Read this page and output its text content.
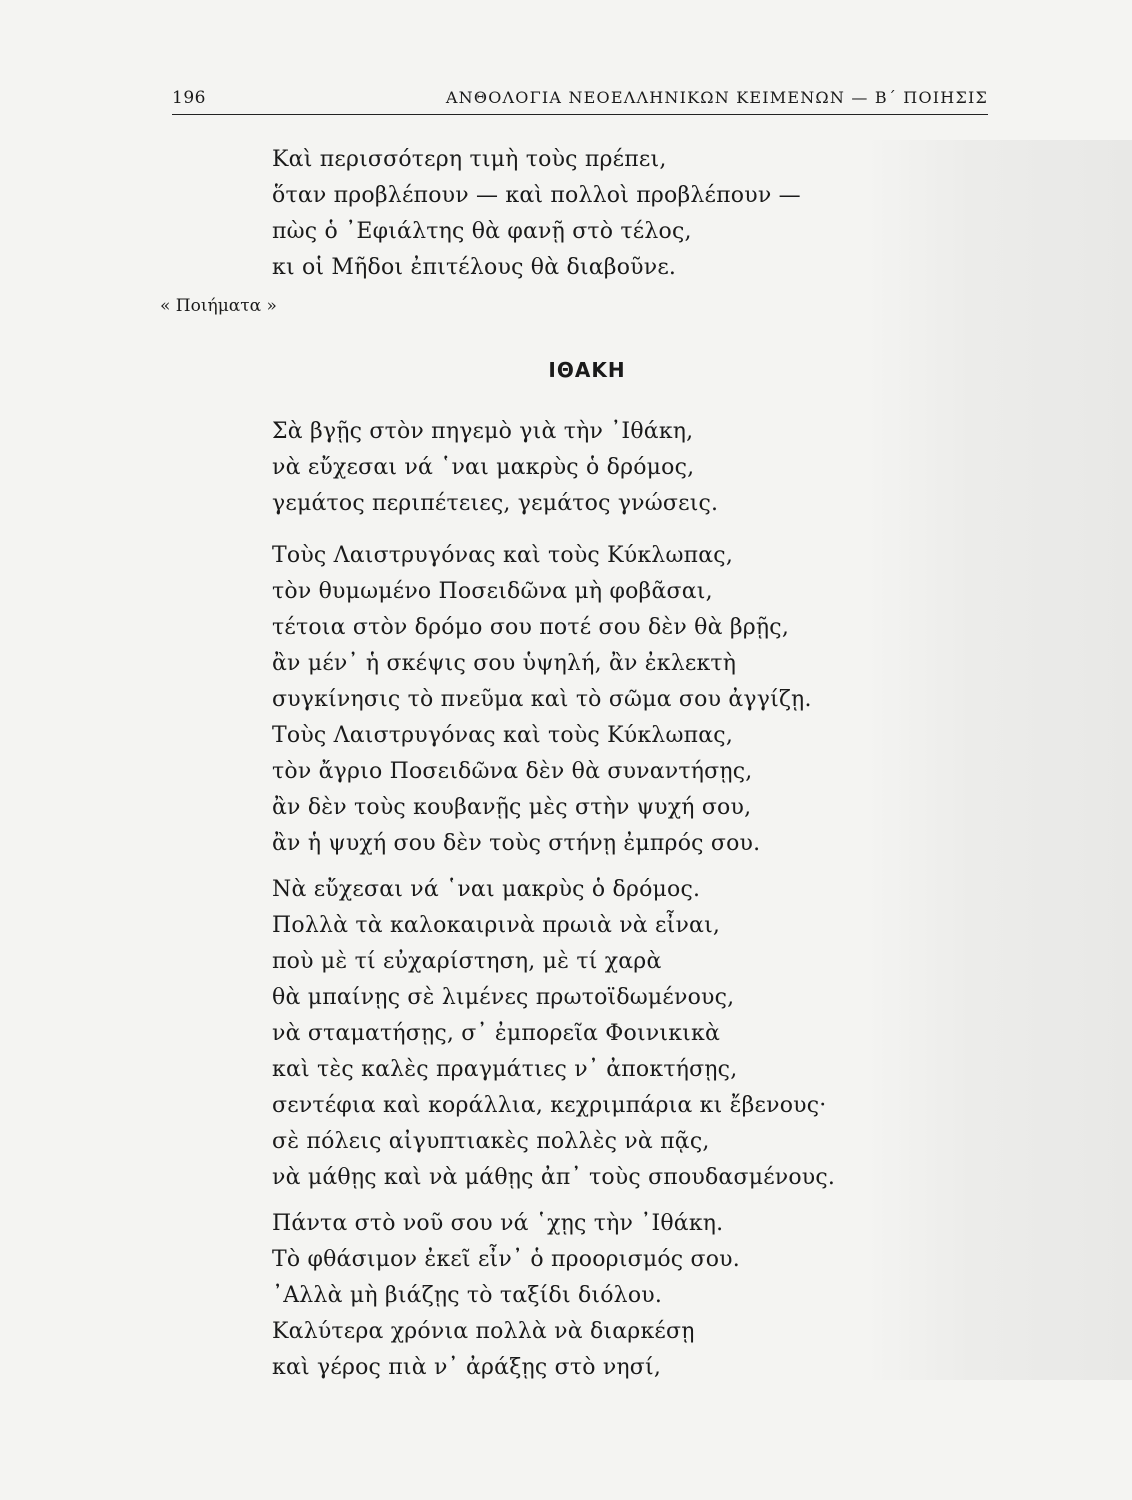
196	ΑΝΘΟΛΟΓΙΑ ΝΕΟΕΛΛΗΝΙΚΩΝ ΚΕΙΜΕΝΩΝ — Β΄ ΠΟΙΗΣΙΣ
Καὶ περισσότερη τιμὴ τοὺς πρέπει,
ὅταν προβλέπουν — καὶ πολλοὶ προβλέπουν —
πὼς ὁ ᾿Εφιάλτης θὰ φανῇ στὸ τέλος,
κι οἱ Μῆδοι ἐπιτέλους θὰ διαβοῦνε.
« Ποιήματα »
ΙΘΑΚΗ
Σὰ βγῇς στὸν πηγεμὸ γιὰ τὴν ᾿Ιθάκη,
νὰ εὔχεσαι νά ῾ναι μακρὺς ὁ δρόμος,
γεμάτος περιπέτειες, γεμάτος γνώσεις.
Τοὺς Λαιστρυγόνας καὶ τοὺς Κύκλωπας,
τὸν θυμωμένο Ποσειδῶνα μὴ φοβᾶσαι,
τέτοια στὸν δρόμο σου ποτέ σου δὲν θὰ βρῇς,
ἂν μέν᾿ ἡ σκέψις σου ὑψηλή, ἂν ἐκλεκτὴ
συγκίνησις τὸ πνεῦμα καὶ τὸ σῶμα σου ἀγγίζῃ.
Τοὺς Λαιστρυγόνας καὶ τοὺς Κύκλωπας,
τὸν ἄγριο Ποσειδῶνα δὲν θὰ συναντήσῃς,
ἂν δὲν τοὺς κουβανῇς μὲς στὴν ψυχή σου,
ἂν ἡ ψυχή σου δὲν τοὺς στήνῃ ἐμπρός σου.
Νὰ εὔχεσαι νά ῾ναι μακρὺς ὁ δρόμος.
Πολλὰ τὰ καλοκαιρινὰ πρωιὰ νὰ εἶναι,
ποὺ μὲ τί εὐχαρίστηση, μὲ τί χαρὰ
θὰ μπαίνῃς σὲ λιμένες πρωτοϊδωμένους,
νὰ σταματήσῃς, σ᾿ ἐμπορεῖα Φοινικικὰ
καὶ τὲς καλὲς πραγμάτιες ν᾿ ἀποκτήσῃς,
σεντέφια καὶ κοράλλια, κεχριμπάρια κι ἔβενους·
σὲ πόλεις αἰγυπτιακὲς πολλὲς νὰ πᾷς,
νὰ μάθῃς καὶ νὰ μάθῃς ἀπ᾿ τοὺς σπουδασμένους.
Πάντα στὸ νοῦ σου νά ῾χῃς τὴν ᾿Ιθάκη.
Τὸ φθάσιμον ἐκεῖ εἶν᾿ ὁ προορισμός σου.
᾿Αλλὰ μὴ βιάζῃς τὸ ταξίδι διόλου.
Καλύτερα χρόνια πολλὰ νὰ διαρκέσῃ
καὶ γέρος πιὰ ν᾿ ἀράξῃς στὸ νησί,
